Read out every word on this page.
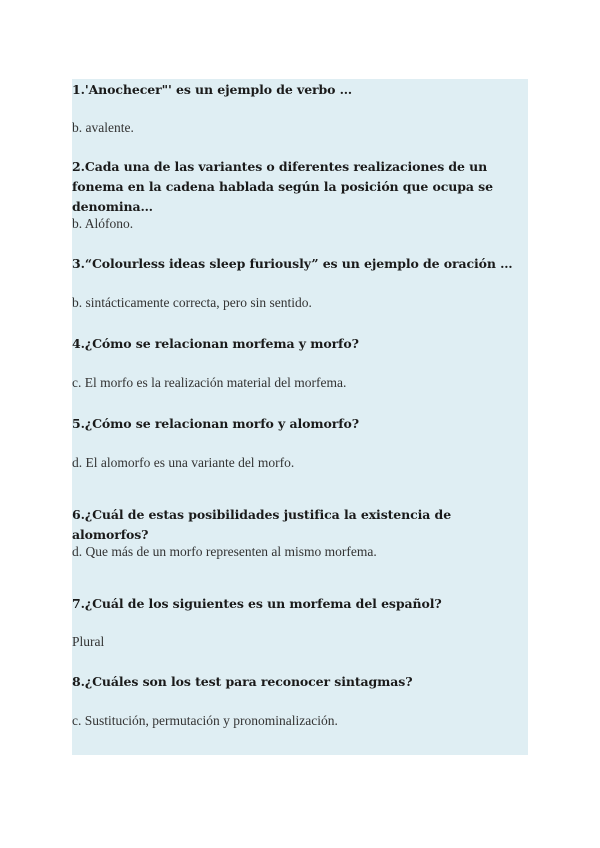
1.'Anochecer"' es un ejemplo de verbo …
b. avalente.
2.Cada una de las variantes o diferentes realizaciones de un fonema en la cadena hablada según la posición que ocupa se denomina…
b. Alófono.
3.“Colourless ideas sleep furiously” es un ejemplo de oración …
b. sintácticamente correcta, pero sin sentido.
4.¿Cómo se relacionan morfema y morfo?
c. El morfo es la realización material del morfema.
5.¿Cómo se relacionan morfo y alomorfo?
d. El alomorfo es una variante del morfo.
6.¿Cuál de estas posibilidades justifica la existencia de alomorfos?
d. Que más de un morfo representen al mismo morfema.
7.¿Cuál de los siguientes es un morfema del español?
Plural
8.¿Cuáles son los test para reconocer sintagmas?
c. Sustitución, permutación y pronominalización.
